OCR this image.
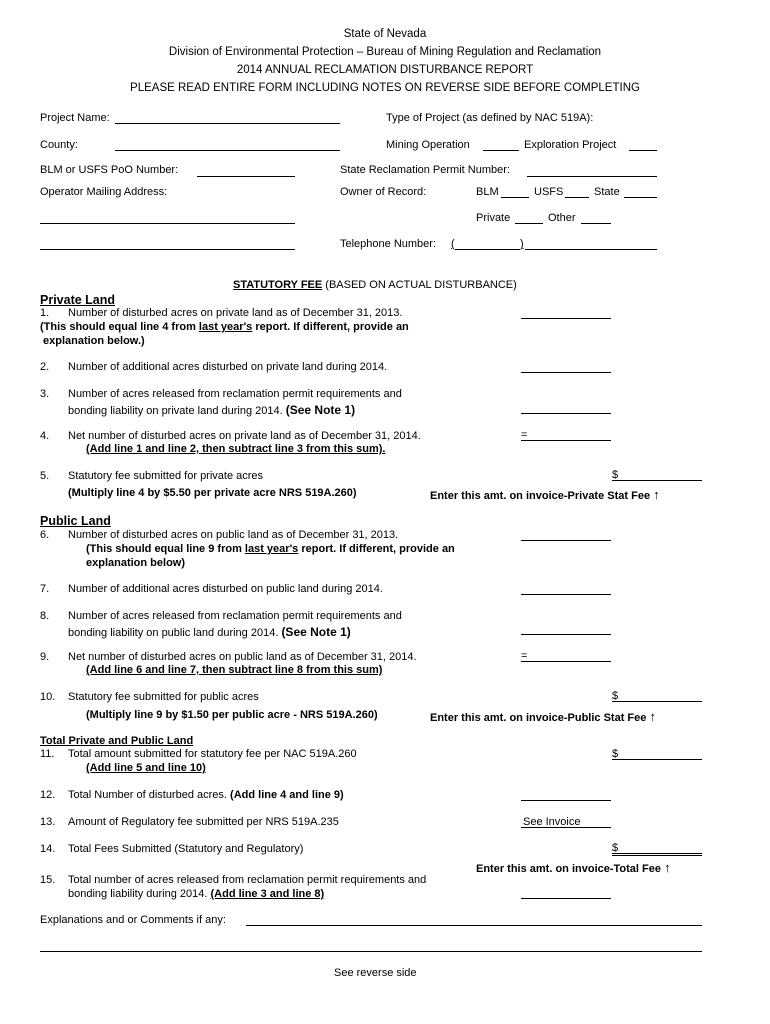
State of Nevada
Division of Environmental Protection – Bureau of Mining Regulation and Reclamation
2014 ANNUAL RECLAMATION DISTURBANCE REPORT
PLEASE READ ENTIRE FORM INCLUDING NOTES ON REVERSE SIDE BEFORE COMPLETING
Project Name:	Type of Project (as defined by NAC 519A):
County:	Mining Operation	Exploration Project
BLM or USFS PoO Number:	State Reclamation Permit Number:
Operator Mailing Address:	Owner of Record:	BLM	USFS	State
Private	Other
Telephone Number: (	)
STATUTORY FEE (BASED ON ACTUAL DISTURBANCE)
Private Land
1. Number of disturbed acres on private land as of December 31, 2013.
(This should equal line 4 from last year's report. If different, provide an
explanation below.)
2. Number of additional acres disturbed on private land during 2014.
3. Number of acres released from reclamation permit requirements and
bonding liability on private land during 2014. (See Note 1)
4. Net number of disturbed acres on private land as of December 31, 2014.	=
(Add line 1 and line 2, then subtract line 3 from this sum).
5. Statutory fee submitted for private acres	$
(Multiply line 4 by $5.50 per private acre NRS 519A.260)	Enter this amt. on invoice-Private Stat Fee ↑
Public Land
6. Number of disturbed acres on public land as of December 31, 2013.
(This should equal line 9 from last year's report. If different, provide an
explanation below)
7. Number of additional acres disturbed on public land during 2014.
8. Number of acres released from reclamation permit requirements and
bonding liability on public land during 2014. (See Note 1)
9. Net number of disturbed acres on public land as of December 31, 2014.	=
(Add line 6 and line 7, then subtract line 8 from this sum)
10. Statutory fee submitted for public acres	$
(Multiply line 9 by $1.50 per public acre - NRS 519A.260)	Enter this amt. on invoice-Public Stat Fee ↑
Total Private and Public Land
11. Total amount submitted for statutory fee per NAC 519A.260	$
(Add line 5 and line 10)
12. Total Number of disturbed acres. (Add line 4 and line 9)
13. Amount of Regulatory fee submitted per NRS 519A.235	See Invoice
14. Total Fees Submitted (Statutory and Regulatory)	$
Enter this amt. on invoice-Total Fee ↑
15. Total number of acres released from reclamation permit requirements and
bonding liability during 2014. (Add line 3 and line 8)
Explanations and or Comments if any:
See reverse side
